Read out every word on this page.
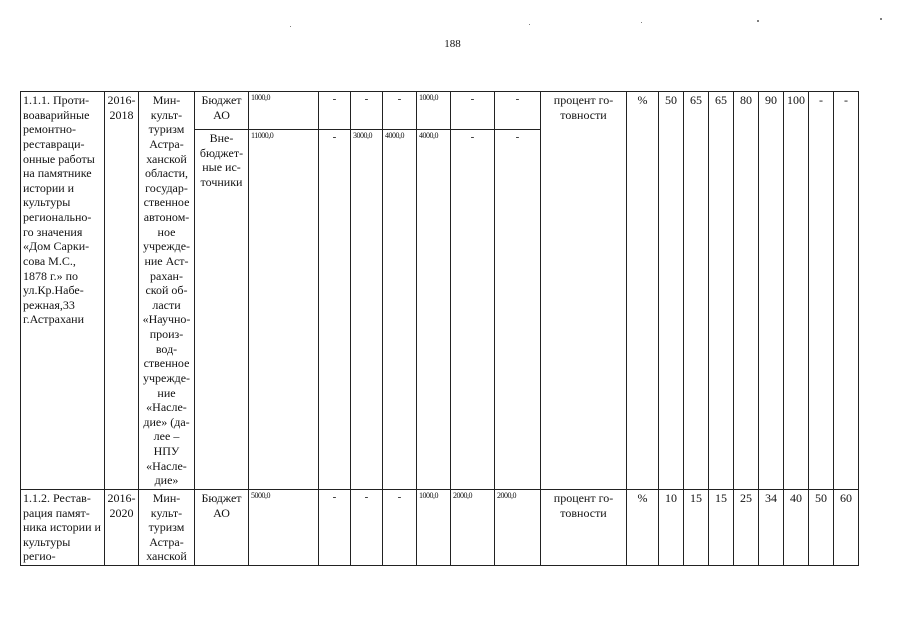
188
1.1.1. Проти-воаварийные ремонтно-реставраци-онные работы на памятнике истории и культуры регионально-го значения «Дом Сарки-сова М.С., 1878 г.» по ул.Кр.Набе-режная,33 г.Астрахани	2016-2018	Мин-культ-туризм Астра-ханской области, государ-ственное автоном-ное учрежде-ние Аст-рахан-ской об-ласти «Научно-произ-вод-ственное учрежде-ние «Насле-дие» (да-лее – НПУ «Насле-дие»	Бюджет АО	1000,0	-	-	-	1000,0	-	-	процент го-товности	%	50	65	65	80	90	100	-	-
			Вне-бюджет-ные ис-точники	11000,0	-	3000,0	4000,0	4000,0	-	-										
1.1.2. Рестав-рация памят-ника истории и культуры регио-	2016-2020	Мин-культ-туризм Астра-ханской	Бюджет АО	5000,0	-	-	-	1000,0	2000,0	2000,0	процент го-товности	%	10	15	15	25	34	40	50	60
